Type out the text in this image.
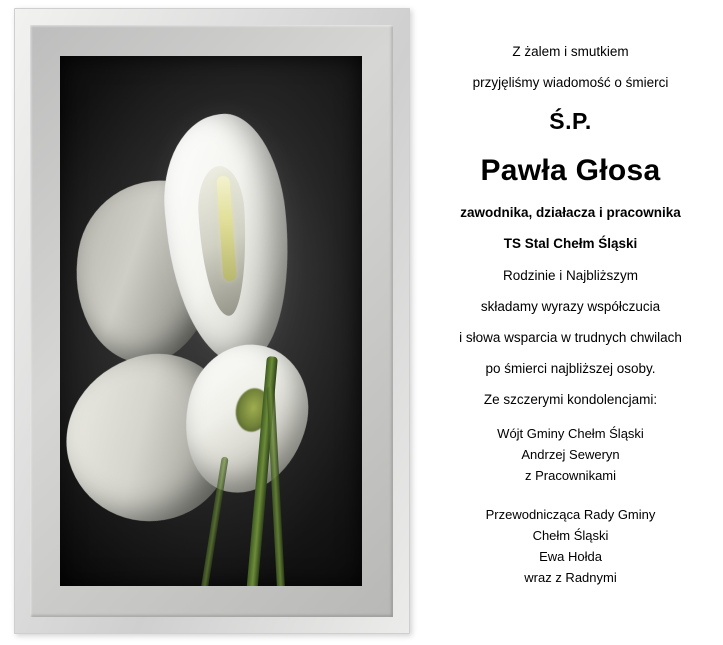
Z żalem i smutkiem
przyjęliśmy wiadomość o śmierci
Ś.P.
Pawła Głosa
zawodnika, działacza i pracownika
TS Stal Chełm Śląski
Rodzinie i Najbliższym
składamy wyrazy współczucia
i słowa wsparcia w trudnych chwilach
po śmierci najbliższej osoby.
Ze szczerymi kondolencjami:
Wójt Gminy Chełm Śląski
Andrzej Seweryn
z Pracownikami
Przewodnicząca Rady Gminy
Chełm Śląski
Ewa Hołda
wraz z Radnymi
